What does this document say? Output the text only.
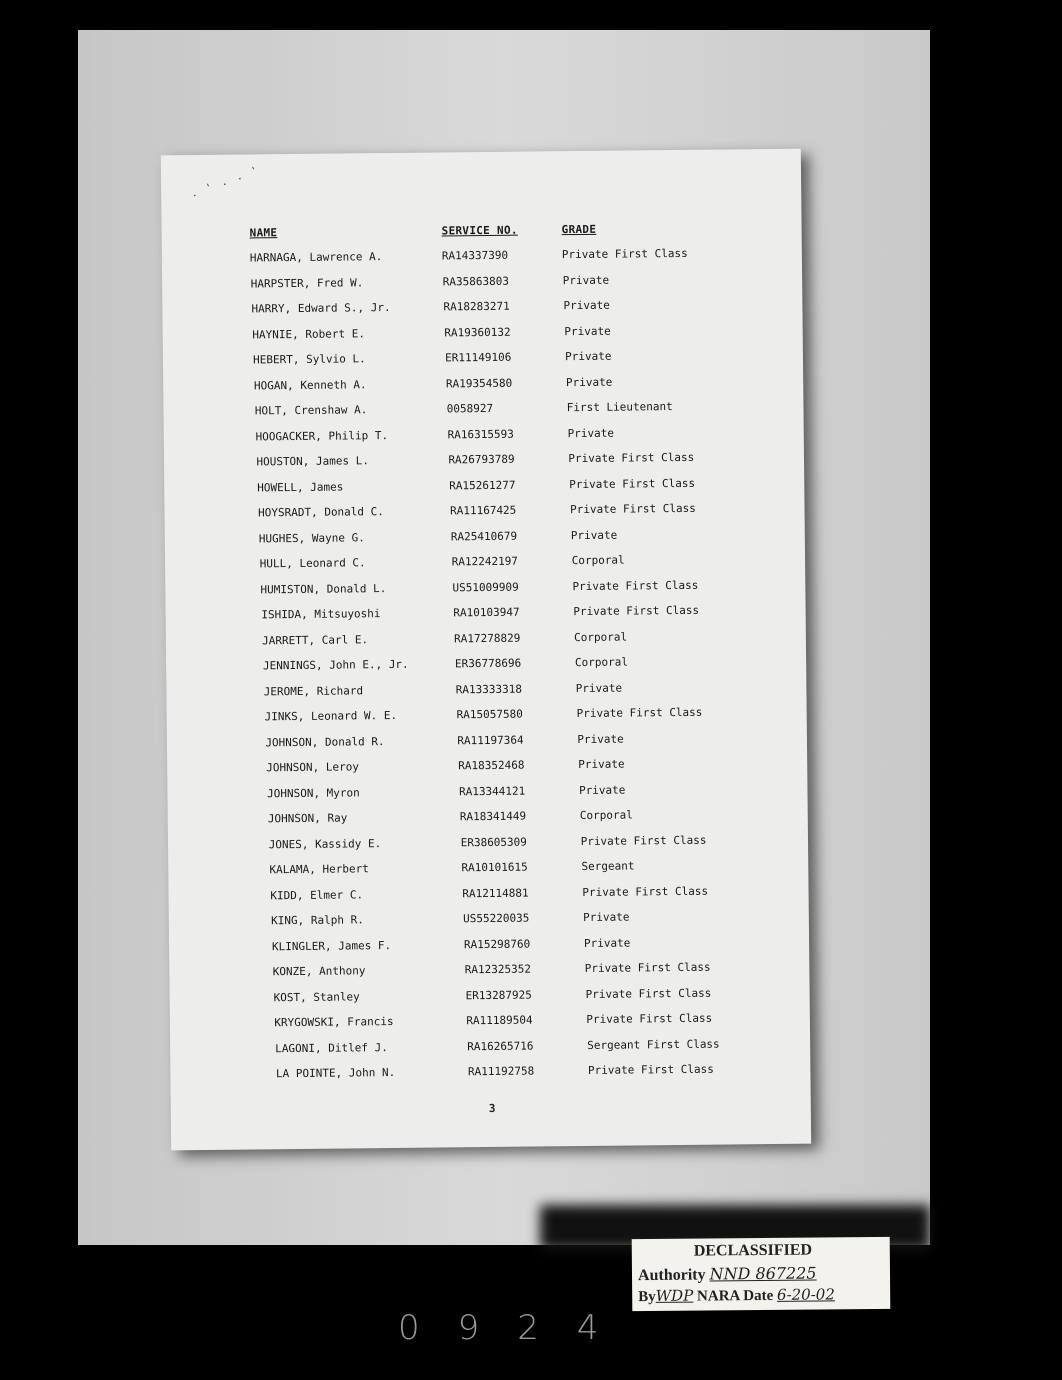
. ' . . '
NAME	SERVICE NO.	GRADE
HARNAGA, Lawrence A.	RA14337390	Private First Class
HARPSTER, Fred W.	RA35863803	Private
HARRY, Edward S., Jr.	RA18283271	Private
HAYNIE, Robert E.	RA19360132	Private
HEBERT, Sylvio L.	ER11149106	Private
HOGAN, Kenneth A.	RA19354580	Private
HOLT, Crenshaw A.	0058927	First Lieutenant
HOOGACKER, Philip T.	RA16315593	Private
HOUSTON, James L.	RA26793789	Private First Class
HOWELL, James	RA15261277	Private First Class
HOYSRADT, Donald C.	RA11167425	Private First Class
HUGHES, Wayne G.	RA25410679	Private
HULL, Leonard C.	RA12242197	Corporal
HUMISTON, Donald L.	US51009909	Private First Class
ISHIDA, Mitsuyoshi	RA10103947	Private First Class
JARRETT, Carl E.	RA17278829	Corporal
JENNINGS, John E., Jr.	ER36778696	Corporal
JEROME, Richard	RA13333318	Private
JINKS, Leonard W. E.	RA15057580	Private First Class
JOHNSON, Donald R.	RA11197364	Private
JOHNSON, Leroy	RA18352468	Private
JOHNSON, Myron	RA13344121	Private
JOHNSON, Ray	RA18341449	Corporal
JONES, Kassidy E.	ER38605309	Private First Class
KALAMA, Herbert	RA10101615	Sergeant
KIDD, Elmer C.	RA12114881	Private First Class
KING, Ralph R.	US55220035	Private
KLINGLER, James F.	RA15298760	Private
KONZE, Anthony	RA12325352	Private First Class
KOST, Stanley	ER13287925	Private First Class
KRYGOWSKI, Francis	RA11189504	Private First Class
LAGONI, Ditlef J.	RA16265716	Sergeant First Class
LA POINTE, John N.	RA11192758	Private First Class
3
DECLASSIFIED
Authority NND 867225
ByWDP NARA Date 6-20-02
0924
